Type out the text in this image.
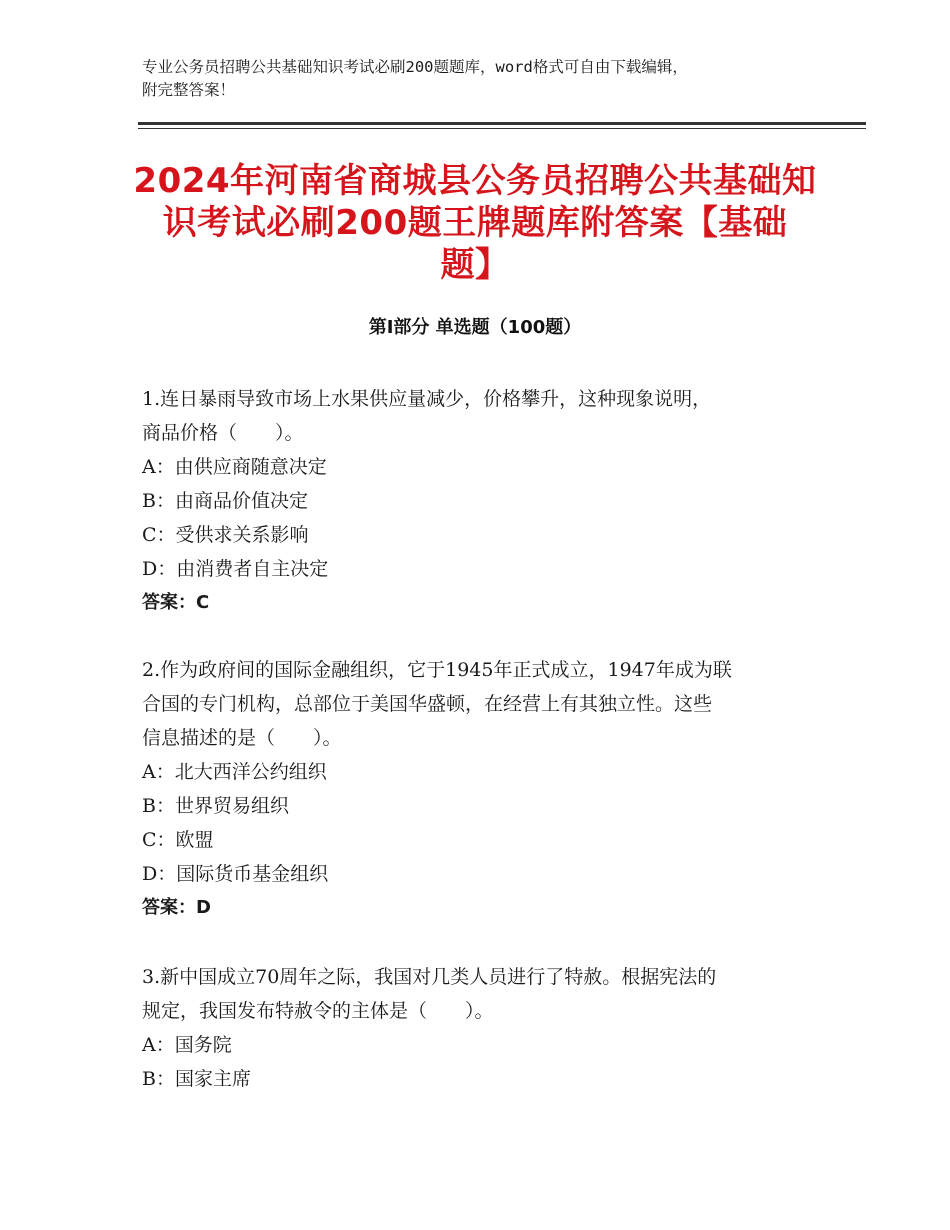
专业公务员招聘公共基础知识考试必刷200题题库，word格式可自由下载编辑，
附完整答案！
2024年河南省商城县公务员招聘公共基础知
识考试必刷200题王牌题库附答案【基础
题】
第Ⅰ部分 单选题（100题）

1.连日暴雨导致市场上水果供应量减少，价格攀升，这种现象说明，

商品价格（　　）。

A：由供应商随意决定

B：由商品价值决定

C：受供求关系影响

D：由消费者自主决定

答案：C

2.作为政府间的国际金融组织，它于1945年正式成立，1947年成为联

合国的专门机构，总部位于美国华盛顿，在经营上有其独立性。这些

信息描述的是（　　）。

A：北大西洋公约组织

B：世界贸易组织

C：欧盟

D：国际货币基金组织

答案：D

3.新中国成立70周年之际，我国对几类人员进行了特赦。根据宪法的

规定，我国发布特赦令的主体是（　　）。

A：国务院

B：国家主席
